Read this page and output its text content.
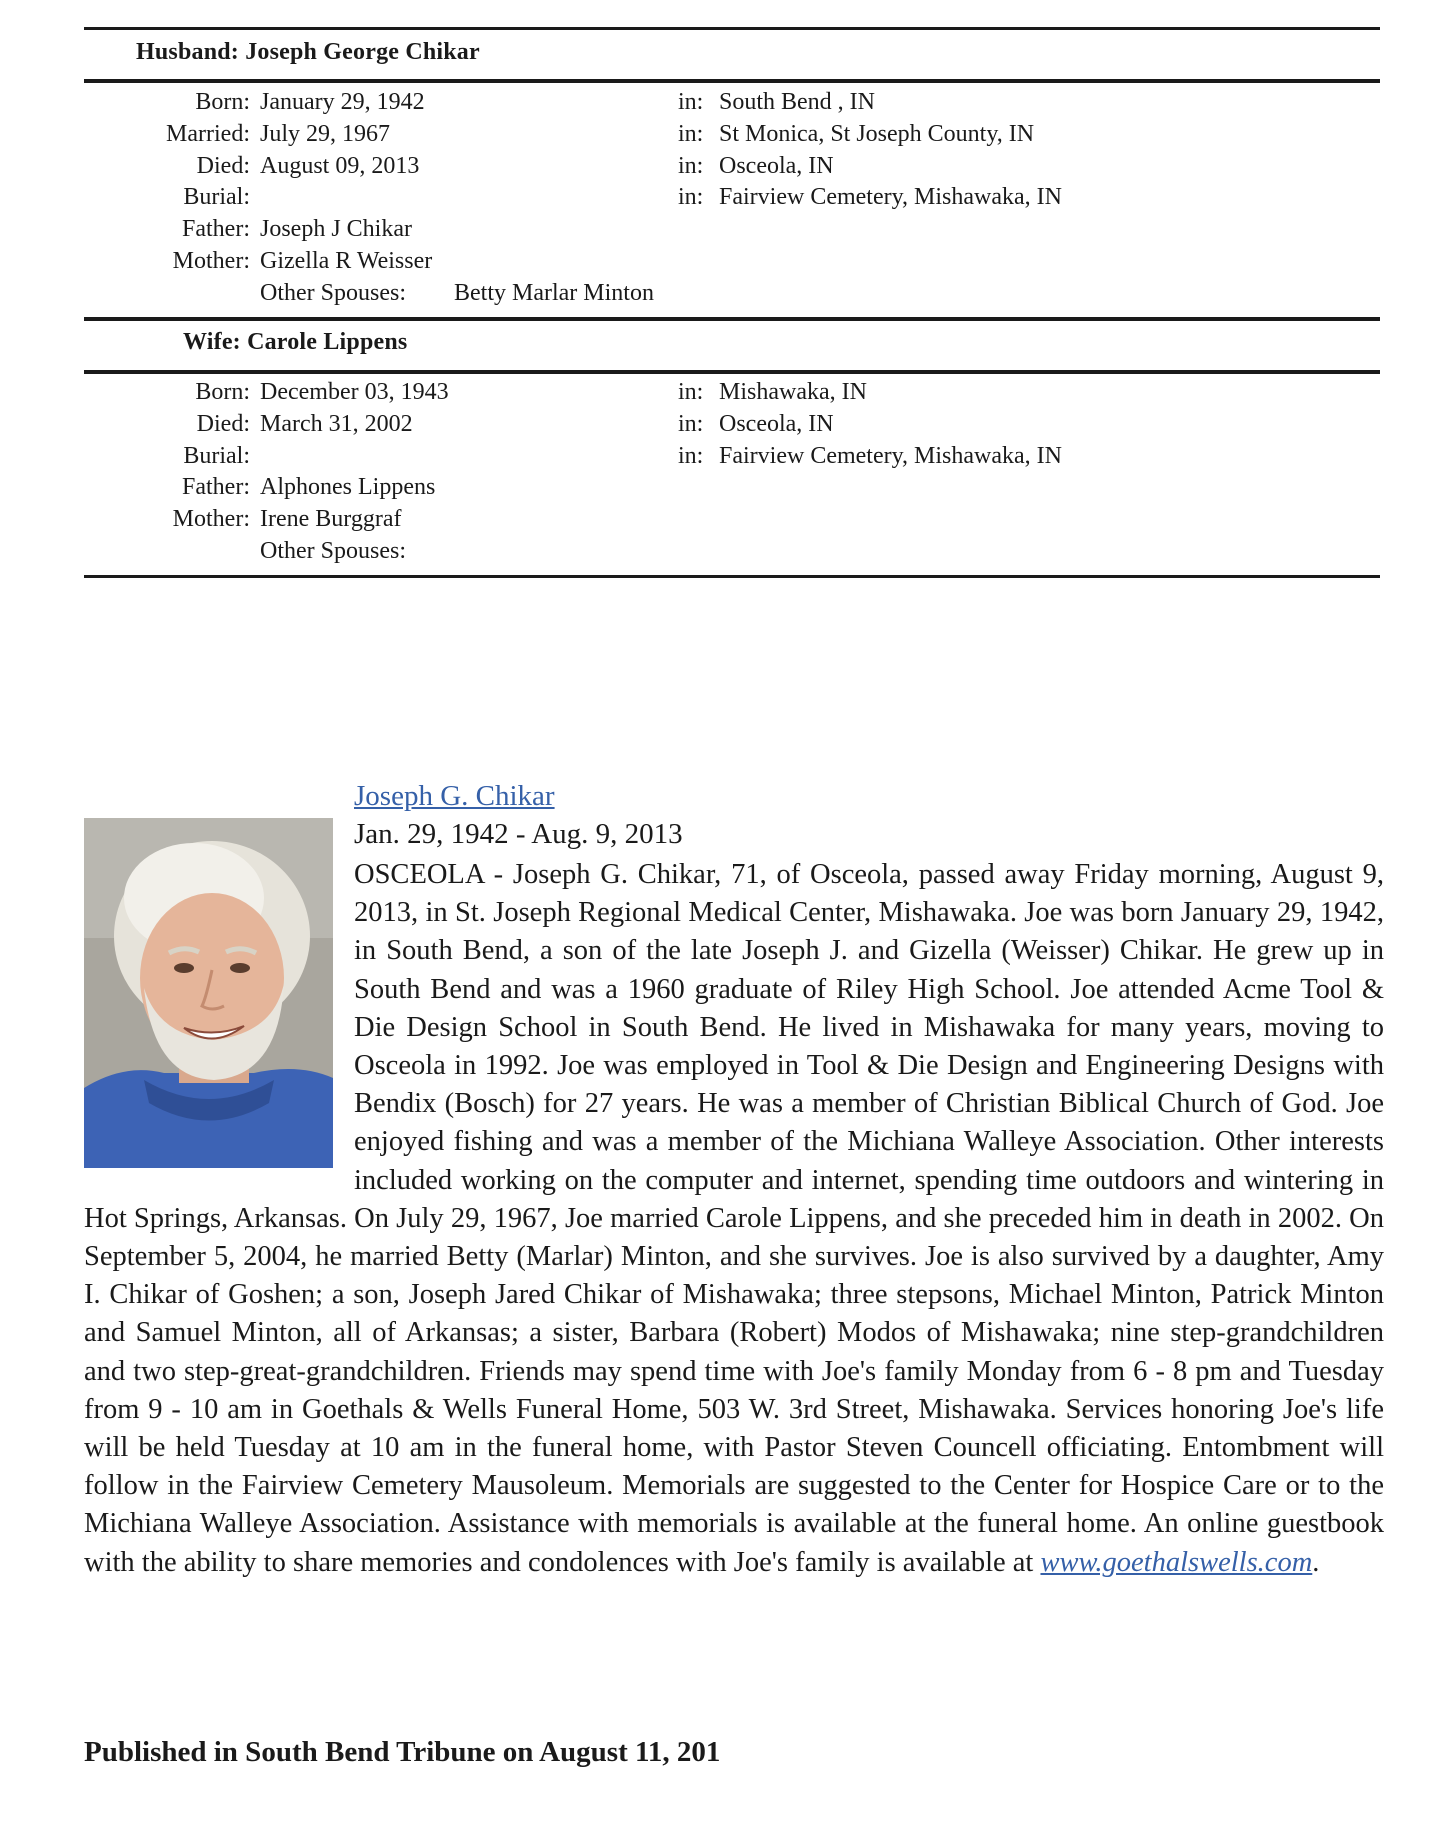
Husband: Joseph George Chikar
Born: January 29, 1942	in: South Bend , IN
Married: July 29, 1967	in: St Monica, St Joseph County, IN
Died: August 09, 2013	in: Osceola, IN
Burial:	in: Fairview Cemetery, Mishawaka, IN
Father: Joseph J Chikar
Mother: Gizella R Weisser
Other Spouses: Betty Marlar Minton
Wife: Carole Lippens
Born: December 03, 1943	in: Mishawaka, IN
Died: March 31, 2002	in: Osceola, IN
Burial:	in: Fairview Cemetery, Mishawaka, IN
Father: Alphones Lippens
Mother: Irene Burggraf
Other Spouses:
Joseph G. Chikar
Jan. 29, 1942 - Aug. 9, 2013
OSCEOLA - Joseph G. Chikar, 71, of Osceola, passed away Friday morning, August 9, 2013, in St. Joseph Regional Medical Center, Mishawaka. Joe was born January 29, 1942, in South Bend, a son of the late Joseph J. and Gizella (Weisser) Chikar. He grew up in South Bend and was a 1960 graduate of Riley High School. Joe attended Acme Tool & Die Design School in South Bend. He lived in Mishawaka for many years, moving to Osceola in 1992. Joe was employed in Tool & Die Design and Engineering Designs with Bendix (Bosch) for 27 years. He was a member of Christian Biblical Church of God. Joe enjoyed fishing and was a member of the Michiana Walleye Association. Other interests included working on the computer and internet, spending time outdoors and wintering in Hot Springs, Arkansas. On July 29, 1967, Joe married Carole Lippens, and she preceded him in death in 2002. On September 5, 2004, he married Betty (Marlar) Minton, and she survives. Joe is also survived by a daughter, Amy I. Chikar of Goshen; a son, Joseph Jared Chikar of Mishawaka; three stepsons, Michael Minton, Patrick Minton and Samuel Minton, all of Arkansas; a sister, Barbara (Robert) Modos of Mishawaka; nine step-grandchildren and two step-great-grandchildren. Friends may spend time with Joe's family Monday from 6 - 8 pm and Tuesday from 9 - 10 am in Goethals & Wells Funeral Home, 503 W. 3rd Street, Mishawaka. Services honoring Joe's life will be held Tuesday at 10 am in the funeral home, with Pastor Steven Councell officiating. Entombment will follow in the Fairview Cemetery Mausoleum. Memorials are suggested to the Center for Hospice Care or to the Michiana Walleye Association. Assistance with memorials is available at the funeral home. An online guestbook with the ability to share memories and condolences with Joe's family is available at www.goethalswells.com.
Published in South Bend Tribune on August 11, 201
